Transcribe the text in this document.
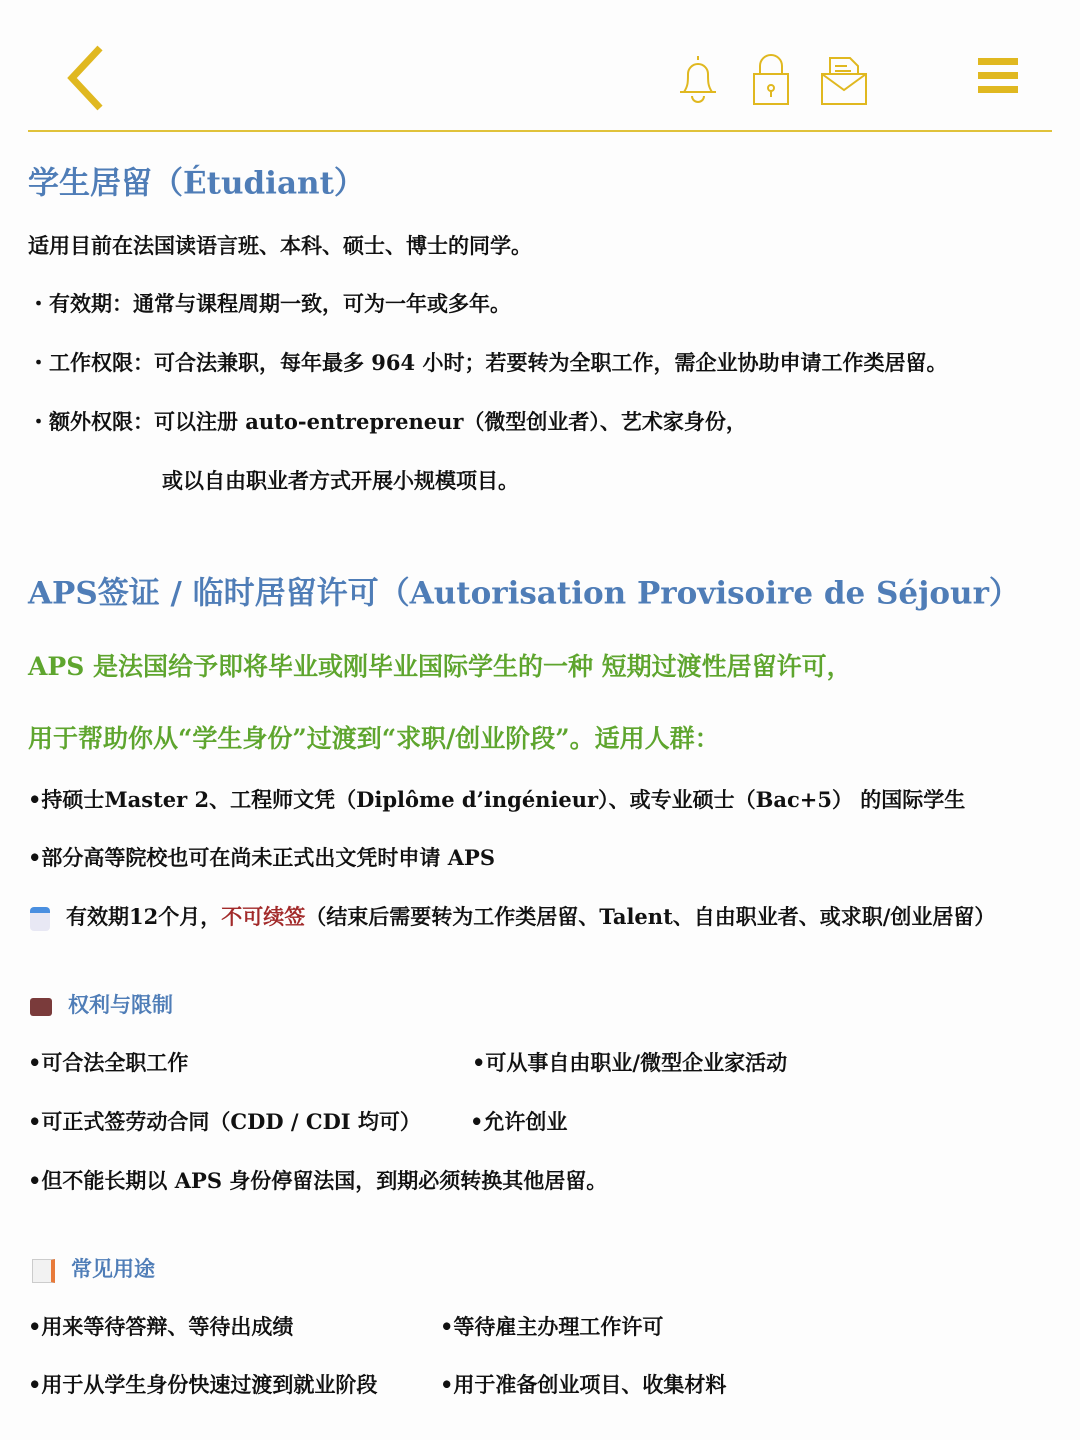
学生居留（Étudiant）
适用目前在法国读语言班、本科、硕士、博士的同学。
・有效期：通常与课程周期一致，可为一年或多年。
・工作权限：可合法兼职，每年最多 964 小时；若要转为全职工作，需企业协助申请工作类居留。
・额外权限：可以注册 auto-entrepreneur（微型创业者）、艺术家身份，
或以自由职业者方式开展小规模项目。
APS签证 / 临时居留许可（Autorisation Provisoire de Séjour）
APS 是法国给予即将毕业或刚毕业国际学生的一种 短期过渡性居留许可，
用于帮助你从“学生身份”过渡到“求职/创业阶段”。适用人群：
•持硕士Master 2、工程师文凭（Diplôme d’ingénieur）、或专业硕士（Bac+5） 的国际学生
•部分高等院校也可在尚未正式出文凭时申请 APS
有效期12个月，不可续签（结束后需要转为工作类居留、Talent、自由职业者、或求职/创业居留）
权利与限制
•可合法全职工作	•可从事自由职业/微型企业家活动
•可正式签劳动合同（CDD / CDI 均可） •允许创业
•但不能长期以 APS 身份停留法国，到期必须转换其他居留。
常见用途
•用来等待答辩、等待出成绩	•等待雇主办理工作许可
•用于从学生身份快速过渡到就业阶段	•用于准备创业项目、收集材料
